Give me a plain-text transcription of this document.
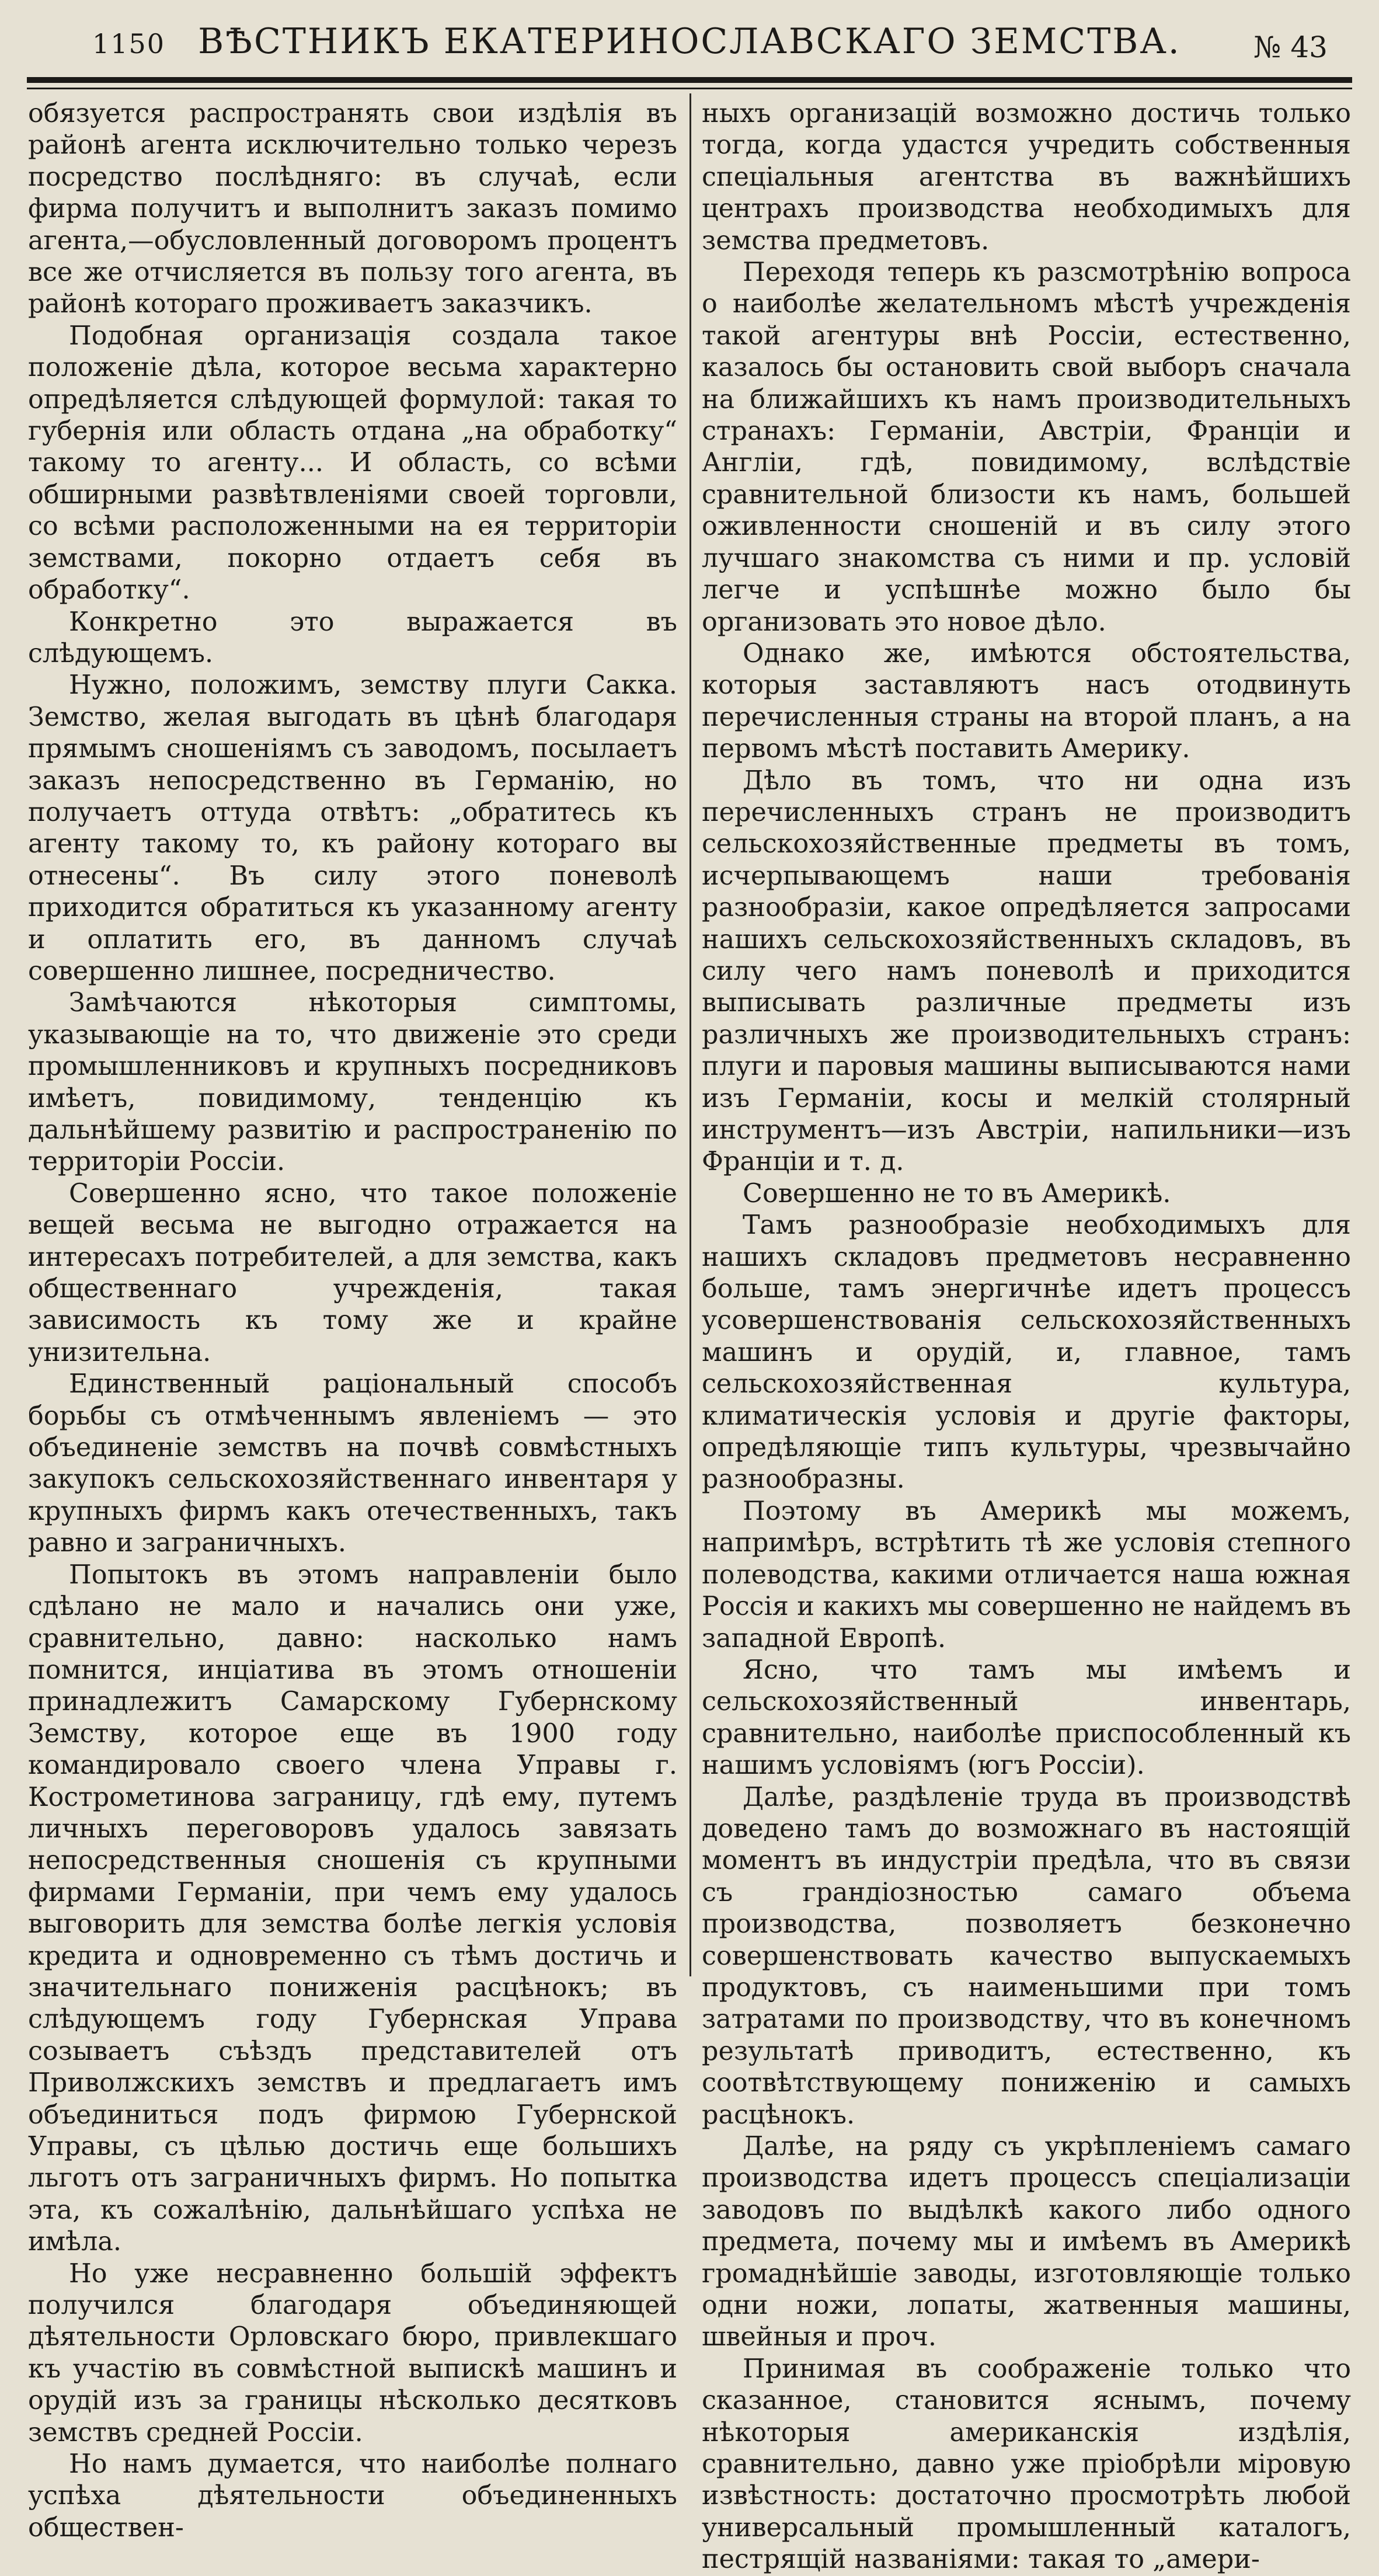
1150 ВѢСТНИКЪ ЕКАТЕРИНОСЛАВСКАГО ЗЕМСТВА.	№ 43

обязуется распространять свои издѣлія въ районѣ агента исключительно только черезъ посредство послѣдняго: въ случаѣ, если фирма получитъ и выполнитъ заказъ помимо агента,—обусловленный договоромъ процентъ все же отчисляется въ пользу того агента, въ районѣ котораго проживаетъ заказчикъ.

Подобная организація создала такое положеніе дѣла, которое весьма характерно опредѣляется слѣдующей формулой: такая то губернія или область отдана „на обработку“ такому то агенту... И область, со всѣми обширными развѣтвленіями своей торговли, со всѣми расположенными на ея территоріи земствами, покорно отдаетъ себя въ обработку“.

Конкретно это выражается въ слѣдующемъ.

Нужно, положимъ, земству плуги Сакка. Земство, желая выгодать въ цѣнѣ благодаря прямымъ сношеніямъ съ заводомъ, посылаетъ заказъ непосредственно въ Германію, но получаетъ оттуда отвѣтъ: „обратитесь къ агенту такому то, къ району котораго вы отнесены“. Въ силу этого поневолѣ приходится обратиться къ указанному агенту и оплатить его, въ данномъ случаѣ совершенно лишнее, посредничество.

Замѣчаются нѣкоторыя симптомы, указывающіе на то, что движеніе это среди промышленниковъ и крупныхъ посредниковъ имѣетъ, повидимому, тенденцію къ дальнѣйшему развитію и распространенію по территоріи Россіи.

Совершенно ясно, что такое положеніе вещей весьма не выгодно отражается на интересахъ потребителей, а для земства, какъ общественнаго учрежденія, такая зависимость къ тому же и крайне унизительна.

Единственный раціональный способъ борьбы съ отмѣченнымъ явленіемъ — это объединеніе земствъ на почвѣ совмѣстныхъ закупокъ сельскохозяйственнаго инвентаря у крупныхъ фирмъ какъ отечественныхъ, такъ равно и заграничныхъ.

Попытокъ въ этомъ направленіи было сдѣлано не мало и начались они уже, сравнительно, давно: насколько намъ помнится, инціатива въ этомъ отношеніи принадлежитъ Самарскому Губернскому Земству, которое еще въ 1900 году командировало своего члена Управы г. Кострометинова заграницу, гдѣ ему, путемъ личныхъ переговоровъ удалось завязать непосредственныя сношенія съ крупными фирмами Германіи, при чемъ ему удалось выговорить для земства болѣе легкія условія кредита и одновременно съ тѣмъ достичь и значительнаго пониженія расцѣнокъ; въ слѣдующемъ году Губернская Управа созываетъ съѣздъ представителей отъ Приволжскихъ земствъ и предлагаетъ имъ объединиться подъ фирмою Губернской Управы, съ цѣлью достичь еще большихъ льготъ отъ заграничныхъ фирмъ. Но попытка эта, къ сожалѣнію, дальнѣйшаго успѣха не имѣла.

Но уже несравненно большій эффектъ получился благодаря объединяющей дѣятельности Орловскаго бюро, привлекшаго къ участію въ совмѣстной выпискѣ машинъ и орудій изъ за границы нѣсколько десятковъ земствъ средней Россіи.

Но намъ думается, что наиболѣе полнаго успѣха дѣятельности объединенныхъ обществен-

ныхъ организацій возможно достичь только тогда, когда удастся учредить собственныя спеціальныя агентства въ важнѣйшихъ центрахъ производства необходимыхъ для земства предметовъ.

Переходя теперь къ разсмотрѣнію вопроса о наиболѣе желательномъ мѣстѣ учрежденія такой агентуры внѣ Россіи, естественно, казалось бы остановить свой выборъ сначала на ближайшихъ къ намъ производительныхъ странахъ: Германіи, Австріи, Франціи и Англіи, гдѣ, повидимому, вслѣдствіе сравнительной близости къ намъ, большей оживленности сношеній и въ силу этого лучшаго знакомства съ ними и пр. условій легче и успѣшнѣе можно было бы организовать это новое дѣло.

Однако же, имѣются обстоятельства, которыя заставляютъ насъ отодвинуть перечисленныя страны на второй планъ, а на первомъ мѣстѣ поставить Америку.

Дѣло въ томъ, что ни одна изъ перечисленныхъ странъ не производитъ сельскохозяйственные предметы въ томъ, исчерпывающемъ наши требованія разнообразіи, какое опредѣляется запросами нашихъ сельскохозяйственныхъ складовъ, въ силу чего намъ поневолѣ и приходится выписывать различные предметы изъ различныхъ же производительныхъ странъ: плуги и паровыя машины выписываются нами изъ Германіи, косы и мелкій столярный инструментъ—изъ Австріи, напильники—изъ Франціи и т. д.

Совершенно не то въ Америкѣ.

Тамъ разнообразіе необходимыхъ для нашихъ складовъ предметовъ несравненно больше, тамъ энергичнѣе идетъ процессъ усовершенствованія сельскохозяйственныхъ машинъ и орудій, и, главное, тамъ сельскохозяйственная культура, климатическія условія и другіе факторы, опредѣляющіе типъ культуры, чрезвычайно разнообразны.

Поэтому въ Америкѣ мы можемъ, напримѣръ, встрѣтить тѣ же условія степного полеводства, какими отличается наша южная Россія и какихъ мы совершенно не найдемъ въ западной Европѣ.

Ясно, что тамъ мы имѣемъ и сельскохозяйственный инвентарь, сравнительно, наиболѣе приспособленный къ нашимъ условіямъ (югъ Россіи).

Далѣе, раздѣленіе труда въ производствѣ доведено тамъ до возможнаго въ настоящій моментъ въ индустріи предѣла, что въ связи съ грандіозностью самаго объема производства, позволяетъ безконечно совершенствовать качество выпускаемыхъ продуктовъ, съ наименьшими при томъ затратами по производству, что въ конечномъ результатѣ приводитъ, естественно, къ соотвѣтствующему пониженію и самыхъ расцѣнокъ.

Далѣе, на ряду съ укрѣпленіемъ самаго производства идетъ процессъ спеціализаціи заводовъ по выдѣлкѣ какого либо одного предмета, почему мы и имѣемъ въ Америкѣ громаднѣйшіе заводы, изготовляющіе только одни ножи, лопаты, жатвенныя машины, швейныя и проч.

Принимая въ соображеніе только что сказанное, становится яснымъ, почему нѣкоторыя американскія издѣлія, сравнительно, давно уже пріобрѣли міровую извѣстность: достаточно просмотрѣть любой универсальный промышленный каталогъ, пестрящій названіями: такая то „амери-
